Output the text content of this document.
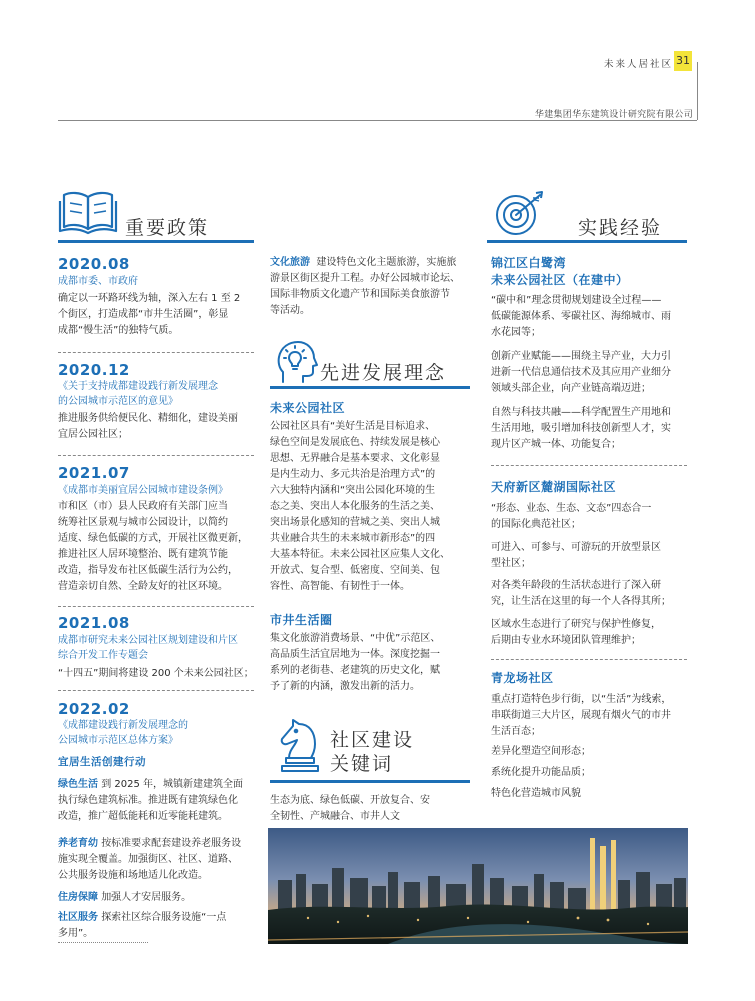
未来人居社区 31
华建集团华东建筑设计研究院有限公司
重要政策
2020.08
成都市委、市政府
确定以一环路环线为轴，深入左右 1 至 2
个街区，打造成都“市井生活圈”，彰显
成都“慢生活”的独特气质。
2020.12
《关于支持成都建设践行新发展理念
的公园城市示范区的意见》
推进服务供给便民化、精细化，建设美丽
宜居公园社区；
2021.07
《成都市美丽宜居公园城市建设条例》
市和区（市）县人民政府有关部门应当
统筹社区景观与城市公园设计，以简约
适度、绿色低碳的方式，开展社区微更新，
推进社区人居环境整治、既有建筑节能
改造，指导发布社区低碳生活行为公约，
营造亲切自然、全龄友好的社区环境。
2021.08
成都市研究未来公园社区规划建设和片区
综合开发工作专题会
“十四五”期间将建设 200 个未来公园社区；
2022.02
《成都建设践行新发展理念的
公园城市示范区总体方案》
宜居生活创建行动
绿色生活 到 2025 年，城镇新建建筑全面
执行绿色建筑标准。推进既有建筑绿色化
改造，推广超低能耗和近零能耗建筑。
养老育幼 按标准要求配套建设养老服务设
施实现全覆盖。加强街区、社区、道路、
公共服务设施和场地适儿化改造。
住房保障 加强人才安居服务。
社区服务 探索社区综合服务设施“一点
多用”。
文化旅游 建设特色文化主题旅游，实施旅
游景区街区提升工程。办好公园城市论坛、
国际非物质文化遗产节和国际美食旅游节
等活动。
先进发展理念
未来公园社区
公园社区具有“美好生活是目标追求、
绿色空间是发展底色、持续发展是核心
思想、无界融合是基本要求、文化彰显
是内生动力、多元共治是治理方式”的
六大独特内涵和“突出公园化环境的生
态之美、突出人本化服务的生活之美、
突出场景化感知的营城之美、突出人城
共业融合共生的未来城市新形态”的四
大基本特征。未来公园社区应集人文化、
开放式、复合型、低密度、空间美、包
容性、高智能、有韧性于一体。
市井生活圈
集文化旅游消费场景、“中优”示范区、
高品质生活宜居地为一体。深度挖掘一
系列的老街巷、老建筑的历史文化，赋
予了新的内涵，激发出新的活力。
社区建设
关键词
生态为底、绿色低碳、开放复合、安
全韧性、产城融合、市井人文
实践经验
锦江区白鹭湾
未来公园社区（在建中）
“碳中和”理念贯彻规划建设全过程——
低碳能源体系、零碳社区、海绵城市、雨
水花园等；
创新产业赋能——围绕主导产业，大力引
进新一代信息通信技术及其应用产业细分
领域头部企业，向产业链高端迈进；
自然与科技共融——科学配置生产用地和
生活用地，吸引增加科技创新型人才，实
现片区产城一体、功能复合；
天府新区麓湖国际社区
“形态、业态、生态、文态”四态合一
的国际化典范社区；
可进入、可参与、可游玩的开放型景区
型社区；
对各类年龄段的生活状态进行了深入研
究，让生活在这里的每一个人各得其所；
区域水生态进行了研究与保护性修复，
后期由专业水环境团队管理维护；
青龙场社区
重点打造特色步行街，以“生活”为线索，
串联街道三大片区，展现有烟火气的市井
生活百态；
差异化塑造空间形态；
系统化提升功能品质；
特色化营造城市风貌
